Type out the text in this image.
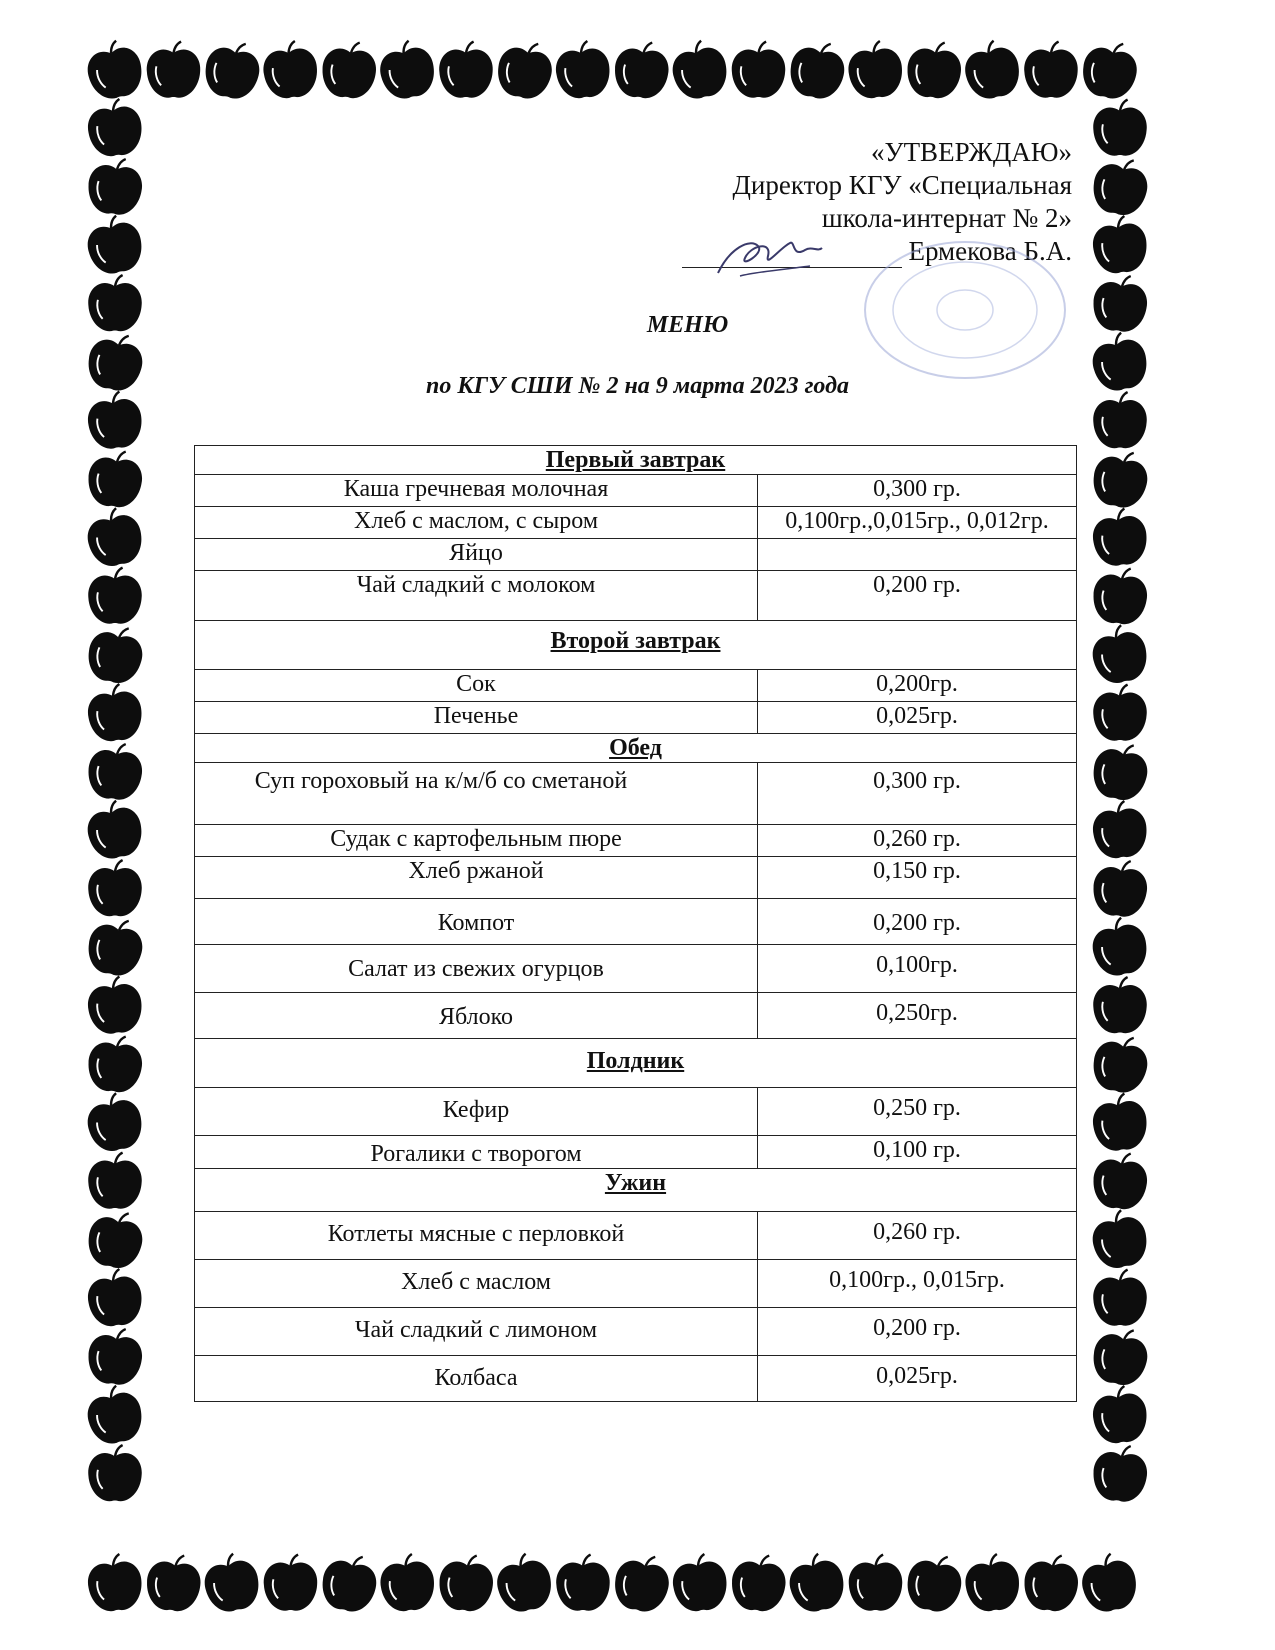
«УТВЕРЖДАЮ»
Директор КГУ «Специальная
школа-интернат № 2»
Ермекова Б.А.
МЕНЮ
по КГУ СШИ № 2 на 9 марта 2023 года
Первый завтрак	
Каша гречневая молочная	0,300 гр.
Хлеб с маслом, с сыром	0,100гр.,0,015гр., 0,012гр.
Яйцо	
Чай сладкий с молоком	0,200 гр.
Второй завтрак	
Сок	0,200гр.
Печенье	0,025гр.
Обед	
Суп гороховый на к/м/б со сметаной	0,300 гр.
Судак с картофельным пюре	0,260 гр.
Хлеб ржаной	0,150 гр.
Компот	0,200 гр.
Салат из свежих огурцов	0,100гр.
Яблоко	0,250гр.
Полдник	
Кефир	0,250 гр.
Рогалики с творогом	0,100 гр.
Ужин	
Котлеты мясные с перловкой	0,260 гр.
Хлеб с маслом	0,100гр., 0,015гр.
Чай сладкий с лимоном	0,200 гр.
Колбаса	0,025гр.
